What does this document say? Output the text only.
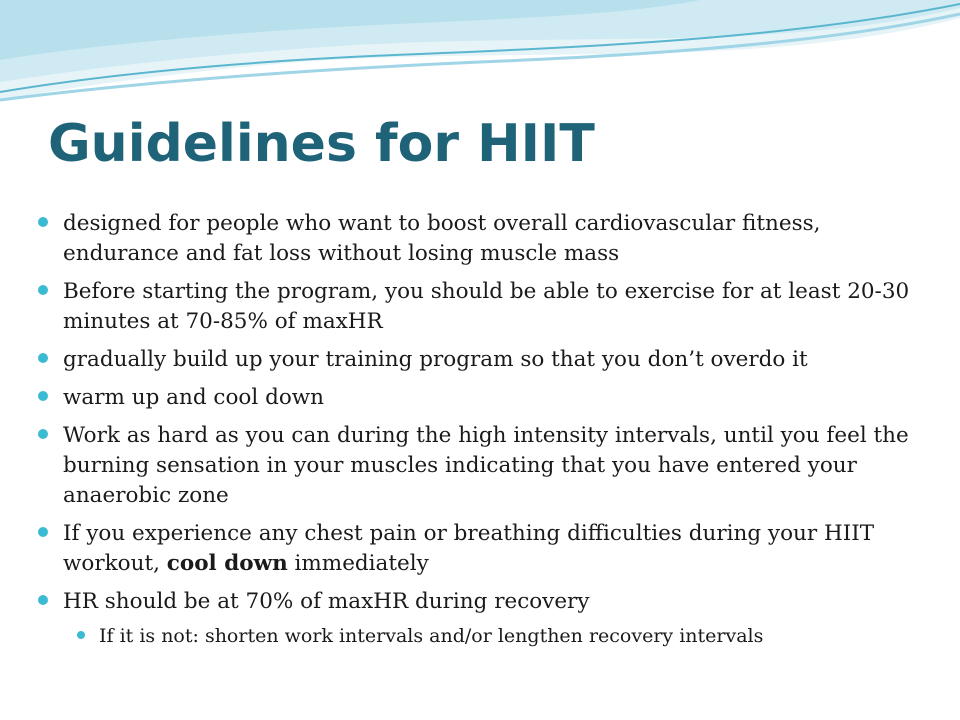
Guidelines for HIIT
designed for people who want to boost overall cardiovascular fitness, endurance and fat loss without losing muscle mass
Before starting the program, you should be able to exercise for at least 20-30 minutes at 70-85% of maxHR
gradually build up your training program so that you don’t overdo it
warm up and cool down
Work as hard as you can during the high intensity intervals, until you feel the burning sensation in your muscles indicating that you have entered your anaerobic zone
If you experience any chest pain or breathing difficulties during your HIIT workout, cool down immediately
HR should be at 70% of maxHR during recovery
If it is not: shorten work intervals and/or lengthen recovery intervals
